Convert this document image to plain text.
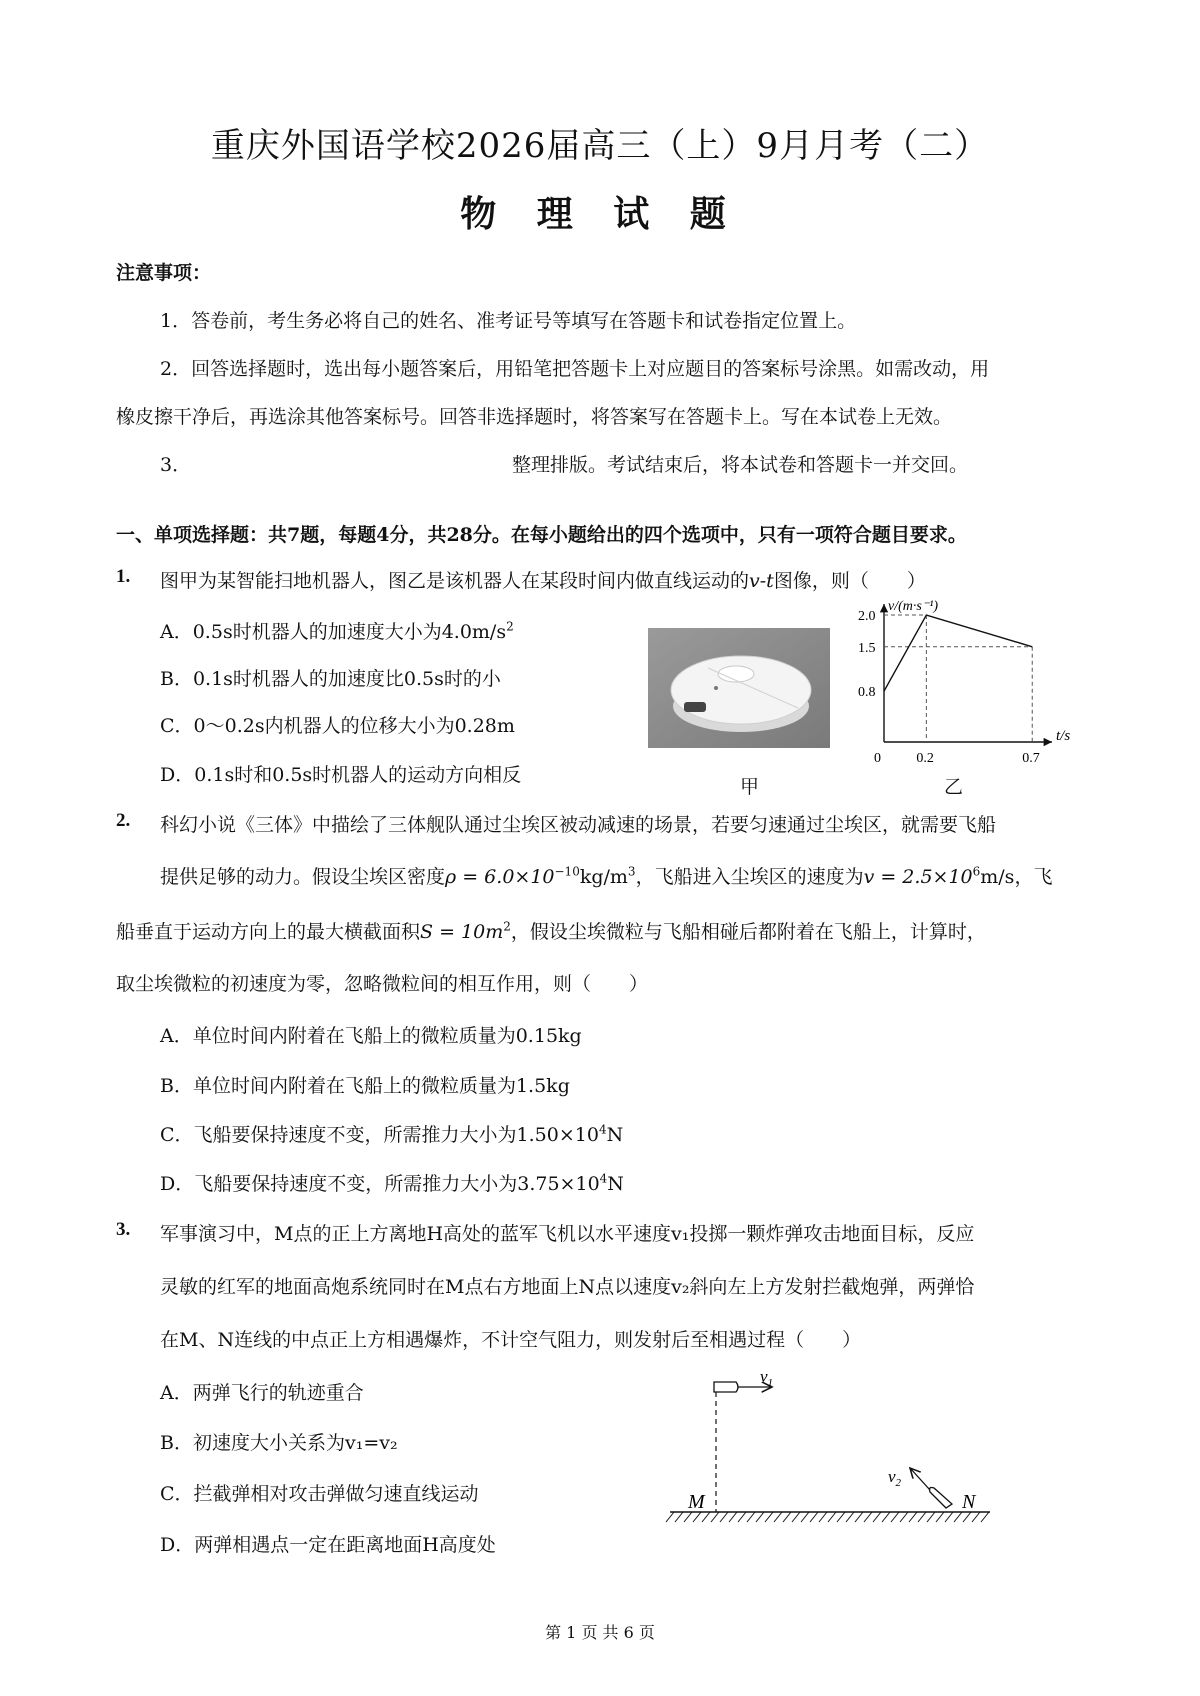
重庆外国语学校2026届高三（上）9月月考（二）
物 理 试 题
注意事项：
1．答卷前，考生务必将自己的姓名、准考证号等填写在答题卡和试卷指定位置上。
2．回答选择题时，选出每小题答案后，用铅笔把答题卡上对应题目的答案标号涂黑。如需改动，用
橡皮擦干净后，再选涂其他答案标号。回答非选择题时，将答案写在答题卡上。写在本试卷上无效。
3．	整理排版。考试结束后，将本试卷和答题卡一并交回。
一、单项选择题：共7题，每题4分，共28分。在每小题给出的四个选项中，只有一项符合题目要求。
1. 图甲为某智能扫地机器人，图乙是该机器人在某段时间内做直线运动的v-t图像，则（　　）
A．0.5s时机器人的加速度大小为$4.0m/s^2$
B．0.1s时机器人的加速度比0.5s时的小
C．0～0.2s内机器人的位移大小为0.28m
D．0.1s时和0.5s时机器人的运动方向相反
甲
0.8
1.5
2.0
0	0.2	0.7
v/(m·s⁻¹)
t/s
乙
2. 科幻小说《三体》中描绘了三体舰队通过尘埃区被动减速的场景，若要匀速通过尘埃区，就需要飞船
提供足够的动力。假设尘埃区密度$\rho = 6.0\times 10^{-10}kg/m^3$，飞船进入尘埃区的速度为$v = 2.5\times 10^6m/s$，飞
船垂直于运动方向上的最大横截面积$S = 10m^2$，假设尘埃微粒与飞船相碰后都附着在飞船上，计算时，
取尘埃微粒的初速度为零，忽略微粒间的相互作用，则（　　）
A．单位时间内附着在飞船上的微粒质量为0.15kg
B．单位时间内附着在飞船上的微粒质量为1.5kg
C．飞船要保持速度不变，所需推力大小为$1.50\times 10^4N$
D．飞船要保持速度不变，所需推力大小为$3.75\times 10^4N$
3. 军事演习中，M点的正上方离地H高处的蓝军飞机以水平速度v₁投掷一颗炸弹攻击地面目标，反应
灵敏的红军的地面高炮系统同时在M点右方地面上N点以速度v₂斜向左上方发射拦截炮弹，两弹恰
在M、N连线的中点正上方相遇爆炸，不计空气阻力，则发射后至相遇过程（　　）
A．两弹飞行的轨迹重合
B．初速度大小关系为v₁=v₂
C．拦截弹相对攻击弹做匀速直线运动
D．两弹相遇点一定在距离地面H高度处
$v_1$
M	N
$v_2$
第 1 页 共 6 页
